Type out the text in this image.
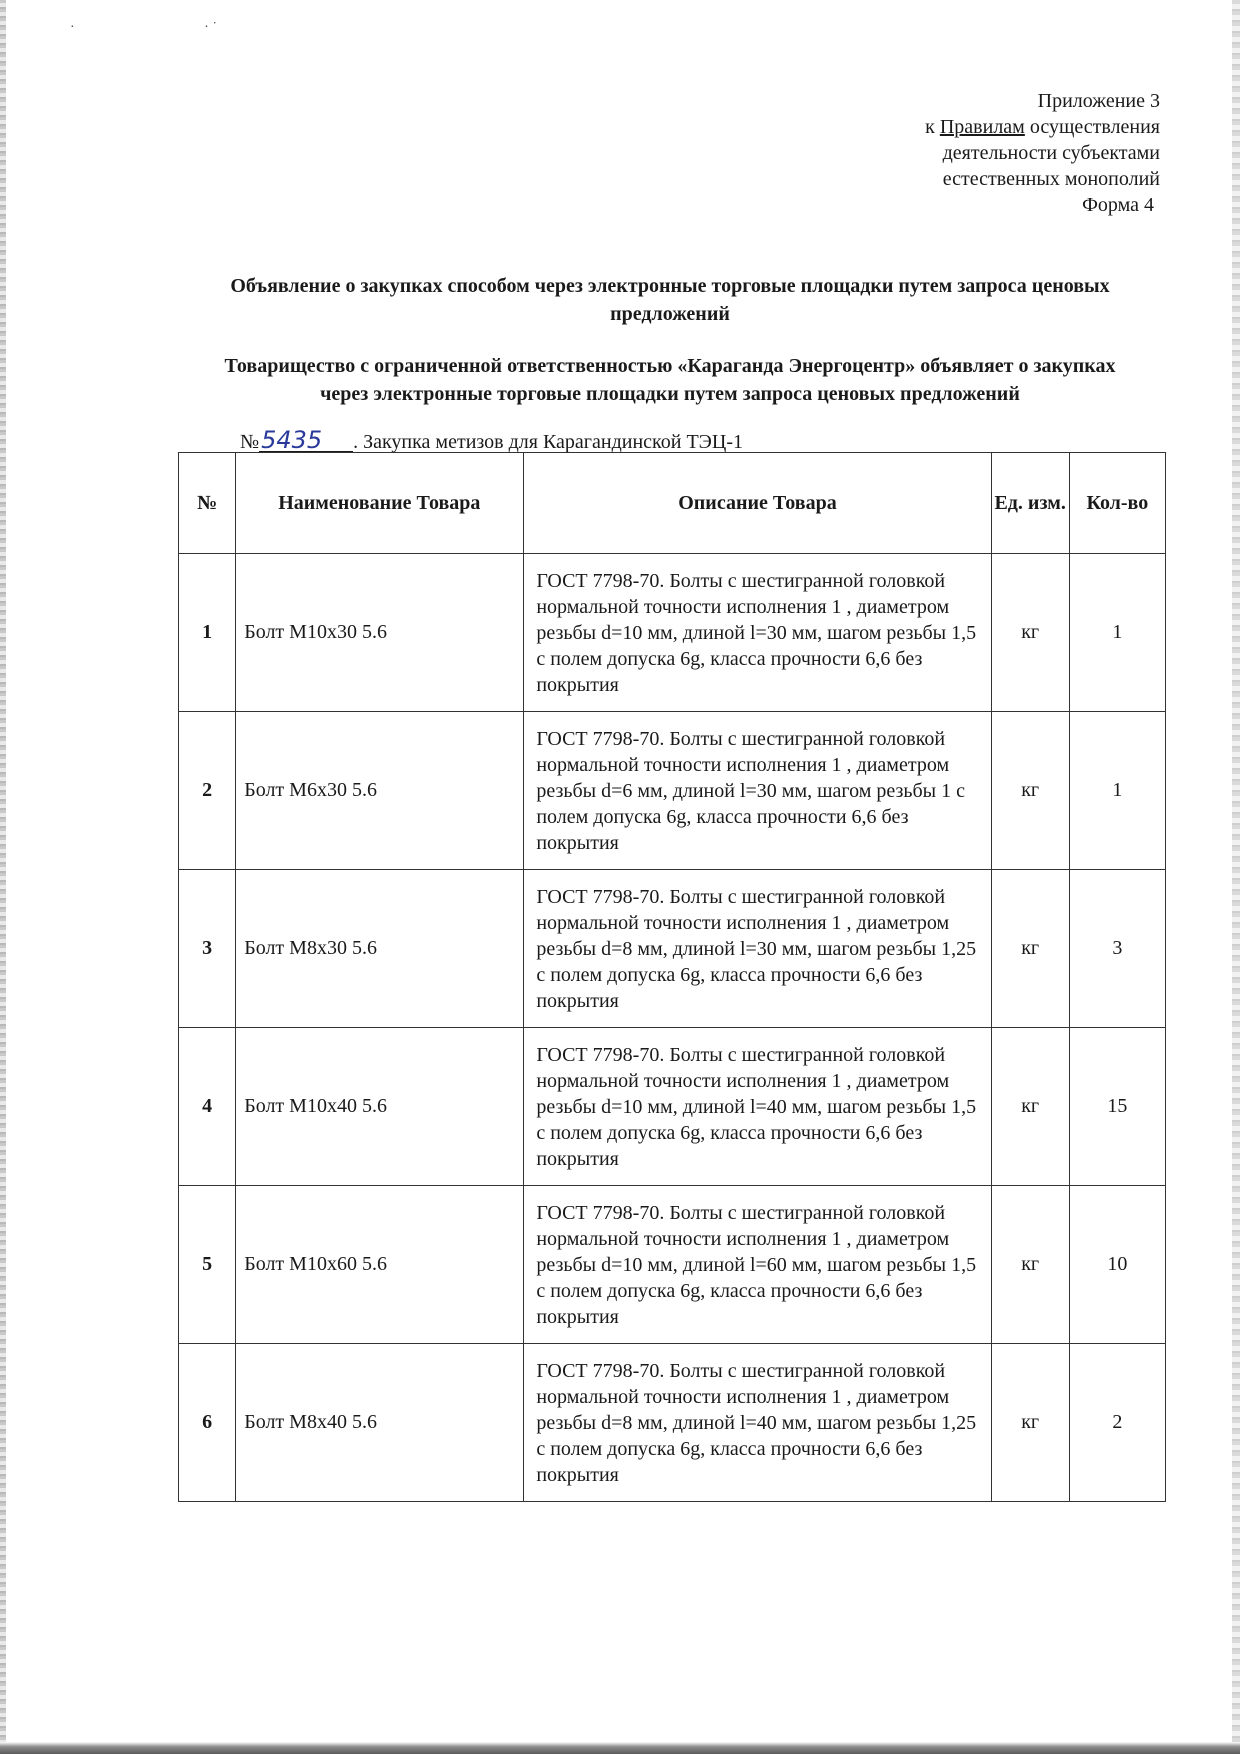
·                                     · ˙
Приложение 3
к Правилам осуществления
деятельности субъектами
естественных монополий
Форма 4
Объявление о закупках способом через электронные торговые площадки путем запроса ценовых предложений
Товарищество с ограниченной ответственностью «Караганда Энергоцентр» объявляет о закупках через электронные торговые площадки путем запроса ценовых предложений
№5435 . Закупка метизов для Карагандинской ТЭЦ-1
№	Наименование Товара	Описание Товара	Ед. изм.	Кол-во
1	Болт М10х30 5.6	ГОСТ 7798-70. Болты с шестигранной головкой нормальной точности исполнения 1 , диаметром резьбы d=10 мм, длиной l=30 мм, шагом резьбы 1,5 с полем допуска 6g, класса прочности 6,6 без покрытия	кг	1
2	Болт М6х30 5.6	ГОСТ 7798-70. Болты с шестигранной головкой нормальной точности исполнения 1 , диаметром резьбы d=6 мм, длиной l=30 мм, шагом резьбы 1 с полем допуска 6g, класса прочности 6,6 без покрытия	кг	1
3	Болт М8х30 5.6	ГОСТ 7798-70. Болты с шестигранной головкой нормальной точности исполнения 1 , диаметром резьбы d=8 мм, длиной l=30 мм, шагом резьбы 1,25 с полем допуска 6g, класса прочности 6,6 без покрытия	кг	3
4	Болт М10х40 5.6	ГОСТ 7798-70. Болты с шестигранной головкой нормальной точности исполнения 1 , диаметром резьбы d=10 мм, длиной l=40 мм, шагом резьбы 1,5 с полем допуска 6g, класса прочности 6,6 без покрытия	кг	15
5	Болт М10х60 5.6	ГОСТ 7798-70. Болты с шестигранной головкой нормальной точности исполнения 1 , диаметром резьбы d=10 мм, длиной l=60 мм, шагом резьбы 1,5 с полем допуска 6g, класса прочности 6,6 без покрытия	кг	10
6	Болт М8х40 5.6	ГОСТ 7798-70. Болты с шестигранной головкой нормальной точности исполнения 1 , диаметром резьбы d=8 мм, длиной l=40 мм, шагом резьбы 1,25 с полем допуска 6g, класса прочности 6,6 без покрытия	кг	2
